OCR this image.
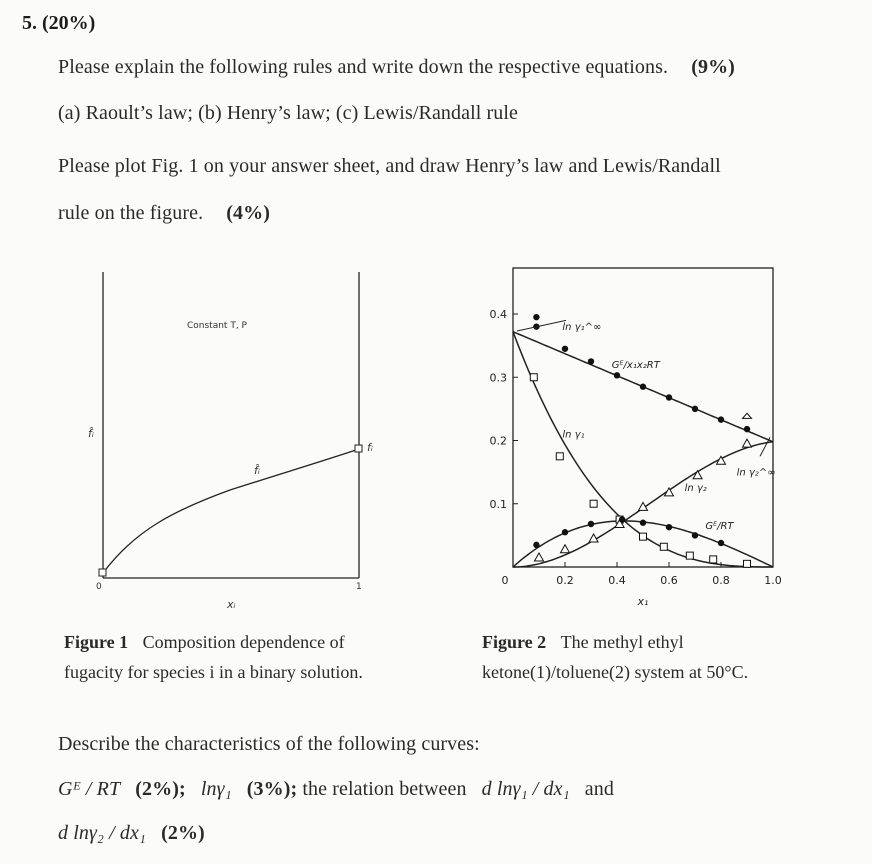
5. (20%)
Please explain the following rules and write down the respective equations. (9%)
(a) Raoult’s law; (b) Henry’s law; (c) Lewis/Randall rule
Please plot Fig. 1 on your answer sheet, and draw Henry’s law and Lewis/Randall
rule on the figure. (4%)
Constant T, P
f̂ᵢ
f̂ᵢ
fᵢ
0	1
xᵢ
Figure 1 Composition dependence of
fugacity for species i in a binary solution.
0	0.2	0.4	0.6	0.8	1.0
0.1
0.2
0.3
0.4
x₁
ln γ₁^∞
Gᴱ/x₁x₂RT
ln γ₁
ln γ₂
ln γ₂^∞
Gᴱ/RT
Figure 2 The methyl ethyl
ketone(1)/toluene(2) system at 50°C.
Describe the characteristics of the following curves:
Gᴱ / RT (2%); lnγ₁ (3%); the relation between d lnγ₁ / dx₁ and
d lnγ₂ / dx₁ (2%)
